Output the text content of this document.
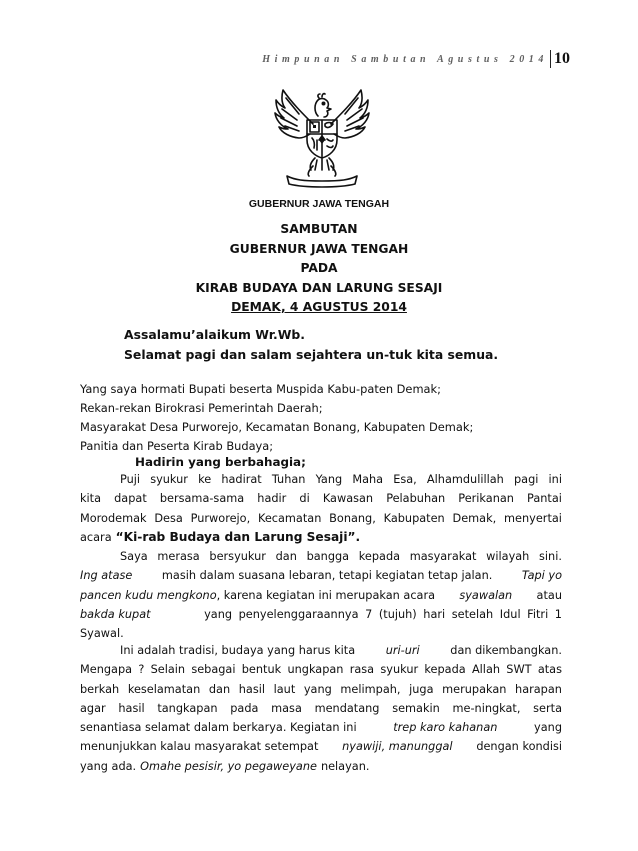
Himpunan Sambutan Agustus 2014 10
GUBERNUR JAWA TENGAH
SAMBUTAN
GUBERNUR JAWA TENGAH
PADA
KIRAB BUDAYA DAN LARUNG SESAJI
DEMAK, 4 AGUSTUS 2014
Assalamu’alaikum Wr.Wb.
Selamat pagi dan salam sejahtera un-tuk kita semua.
Yang saya hormati Bupati beserta Muspida Kabu-paten Demak;
Rekan-rekan Birokrasi Pemerintah Daerah;
Masyarakat Desa Purworejo, Kecamatan Bonang, Kabupaten Demak;
Panitia dan Peserta Kirab Budaya;
Hadirin yang berbahagia;
Puji syukur ke hadirat Tuhan Yang Maha Esa, Alhamdulillah pagi ini
kita dapat bersama-sama hadir di Kawasan Pelabuhan Perikanan Pantai
Morodemak Desa Purworejo, Kecamatan Bonang, Kabupaten Demak, menyertai
acara “Ki-rab Budaya dan Larung Sesaji”.
Saya merasa bersyukur dan bangga kepada masyarakat wilayah sini.
Ing atase	masih dalam suasana lebaran, tetapi kegiatan tetap jalan.	Tapi yo
pancen kudu mengkono, karena kegiatan ini merupakan acara syawalan atau
bakda kupat	yang penyelenggaraannya 7 (tujuh) hari setelah Idul Fitri 1
Syawal.
Ini adalah tradisi, budaya yang harus kita	uri-uri	dan dikembangkan.
Mengapa ? Selain sebagai bentuk ungkapan rasa syukur kepada Allah SWT atas
berkah keselamatan dan hasil laut yang melimpah, juga merupakan harapan
agar hasil tangkapan pada masa mendatang semakin me-ningkat, serta
senantiasa selamat dalam berkarya. Kegiatan ini	trep karo kahanan	yang
menunjukkan kalau masyarakat setempat nyawiji, manunggal dengan kondisi
yang ada. Omahe pesisir, yo pegaweyane nelayan.
